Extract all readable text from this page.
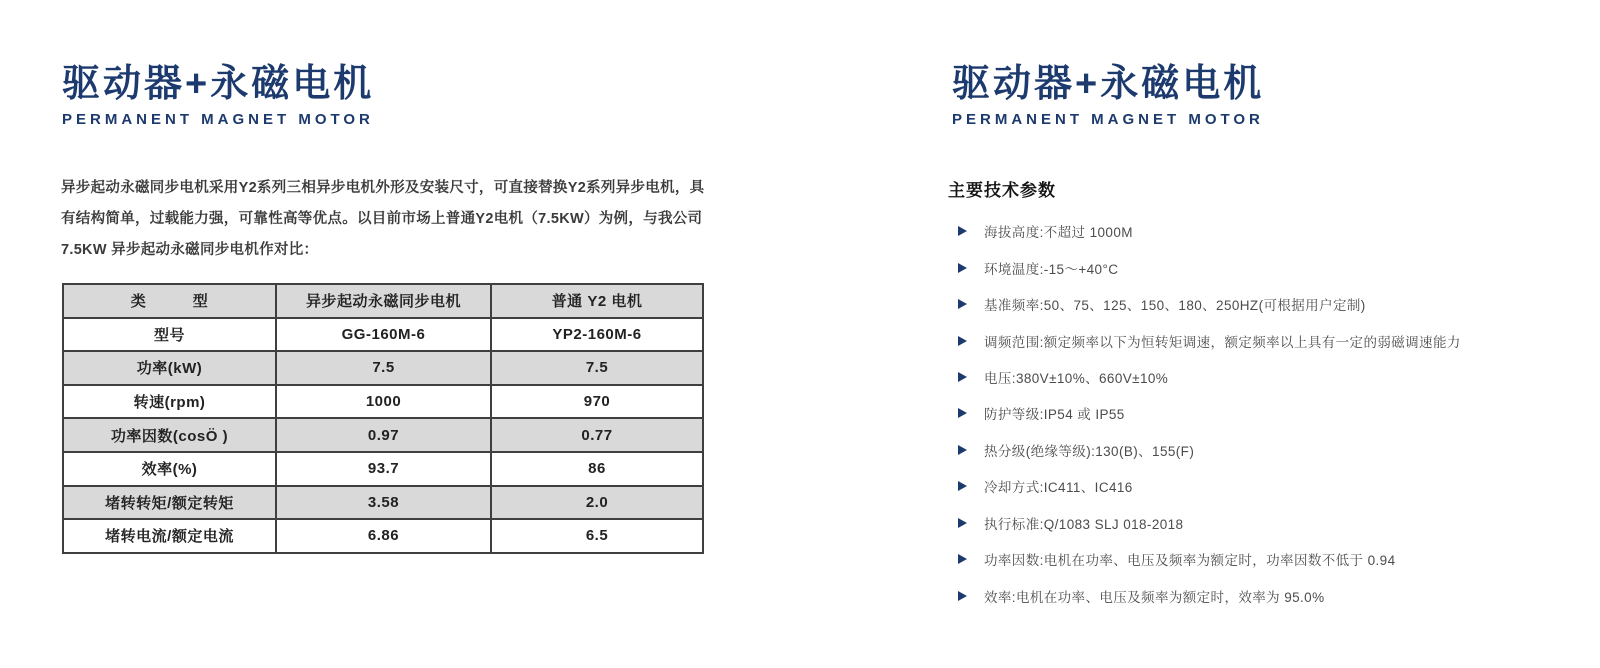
驱动器+永磁电机
PERMANENT MAGNET MOTOR
异步起动永磁同步电机采用Y2系列三相异步电机外形及安装尺寸，可直接替换Y2系列异步电机，具
有结构简单，过载能力强，可靠性高等优点。以目前市场上普通Y2电机（7.5KW）为例，与我公司
7.5KW 异步起动永磁同步电机作对比：
类　　　型	异步起动永磁同步电机	普通 Y2 电机
型号	GG-160M-6	YP2-160M-6
功率(kW)	7.5	7.5
转速(rpm)	1000	970
功率因数(cosÖ )	0.97	0.77
效率(%)	93.7	86
堵转转矩/额定转矩	3.58	2.0
堵转电流/额定电流	6.86	6.5
驱动器+永磁电机
PERMANENT MAGNET MOTOR
主要技术参数
海拔高度:不超过 1000M
环境温度:-15～+40°C
基准频率:50、75、125、150、180、250HZ(可根据用户定制)
调频范围:额定频率以下为恒转矩调速，额定频率以上具有一定的弱磁调速能力
电压:380V±10%、660V±10%
防护等级:IP54 或 IP55
热分级(绝缘等级):130(B)、155(F)
冷却方式:IC411、IC416
执行标准:Q/1083 SLJ 018-2018
功率因数:电机在功率、电压及频率为额定时，功率因数不低于 0.94
效率:电机在功率、电压及频率为额定时，效率为 95.0%
